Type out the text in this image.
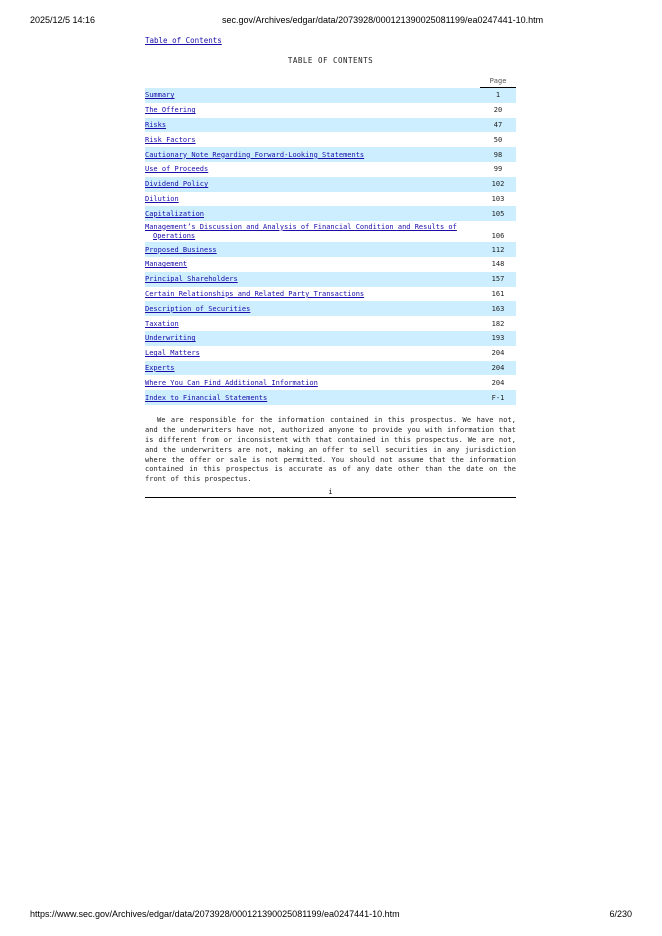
2025/12/5 14:16	sec.gov/Archives/edgar/data/2073928/000121390025081199/ea0247441-10.htm
Table of Contents
TABLE OF CONTENTS
	Page
Summary	1
The Offering	20
Risks	47
Risk Factors	50
Cautionary Note Regarding Forward-Looking Statements	98
Use of Proceeds	99
Dividend Policy	102
Dilution	103
Capitalization	105
Management’s Discussion and Analysis of Financial Condition and Results of
Operations	106
Proposed Business	112
Management	148
Principal Shareholders	157
Certain Relationships and Related Party Transactions	161
Description of Securities	163
Taxation	182
Underwriting	193
Legal Matters	204
Experts	204
Where You Can Find Additional Information	204
Index to Financial Statements	F-1
We are responsible for the information contained in this prospectus. We have not, and the underwriters have not, authorized anyone to provide you with information that is different from or inconsistent with that contained in this prospectus. We are not, and the underwriters are not, making an offer to sell securities in any jurisdiction where the offer or sale is not permitted. You should not assume that the information contained in this prospectus is accurate as of any date other than the date on the front of this prospectus.
i
https://www.sec.gov/Archives/edgar/data/2073928/000121390025081199/ea0247441-10.htm	6/230
